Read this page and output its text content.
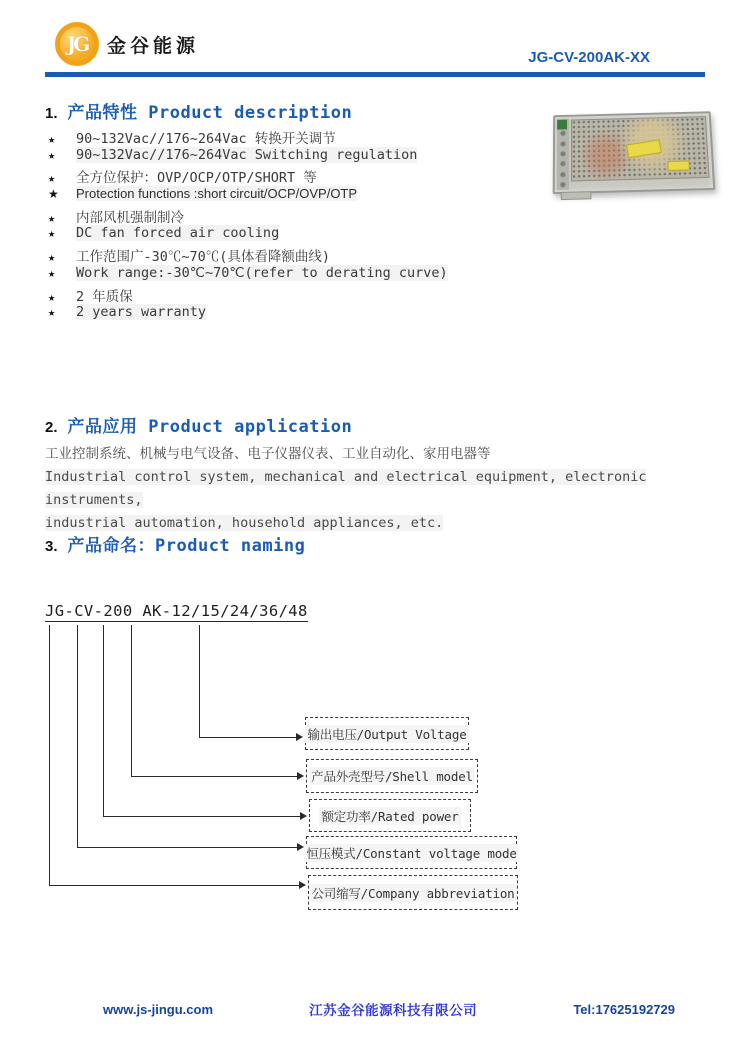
JG	金谷能源
JG-CV-200AK-XX
1. 产品特性 Product description
★	90~132Vac//176~264Vac 转换开关调节
★	90~132Vac//176~264Vac Switching regulation
★	全方位保护：OVP/OCP/OTP/SHORT 等
★	Protection functions :short circuit/OCP/OVP/OTP
★	内部风机强制制冷
★	DC fan forced air cooling
★	工作范围广-30℃~70℃(具体看降额曲线)
★	Work range:-30℃~70℃(refer to derating curve)
★	2 年质保
★	2 years warranty
2. 产品应用 Product application
工业控制系统、机械与电气设备、电子仪器仪表、工业自动化、家用电器等
Industrial control system, mechanical and electrical equipment, electronic instruments,
industrial automation, household appliances, etc.
3. 产品命名：Product naming
JG-CV-200 AK-12/15/24/36/48
输出电压/Output Voltage
产品外壳型号/Shell model
额定功率/Rated power
恒压模式/Constant voltage mode
公司缩写/Company abbreviation
www.js-jingu.com	江苏金谷能源科技有限公司	Tel:17625192729
